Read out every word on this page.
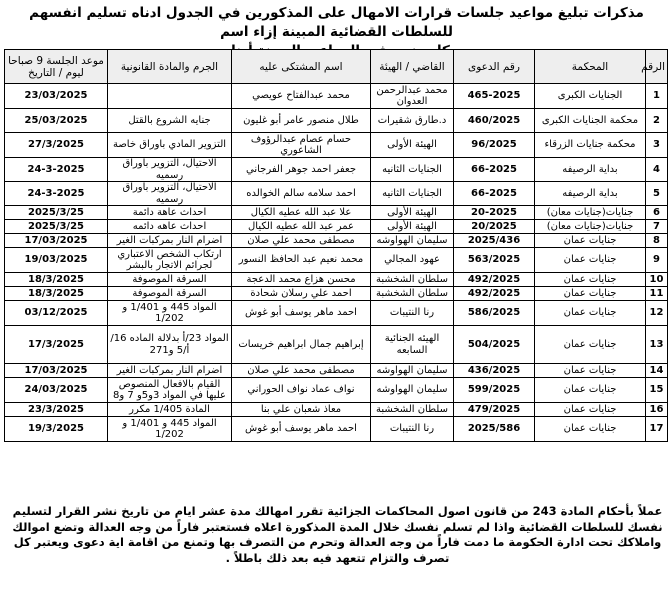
مذكرات تبليغ مواعيد جلسات قرارات الامهال على المذكورين في الجدول ادناه تسليم انفسهم للسلطات القضائية المبينة إزاء اسم
الرقم	المحكمة	رقم الدعوى	القاضي / الهيئة	اسم المشتكى عليه	الجرم والمادة القانونية	موعد الجلسة 9 صباحا
ليوم / التاريخ

1	الجنايات الكبرى	465-2025	محمد عبدالرحمن العدوان	محمد عبدالفتاح عويصي		23/03/2025
2	محكمة الجنايات الكبرى	460/2025	د.طارق شقيرات	طلال منصور عامر أبو غليون	جنايه الشروع بالقتل	25/03/2025
3	محكمة جنايات الزرقاء	96/2025	الهيئة الأولى	حسام عصام عبدالرؤوف الشاعوري	التزوير المادي باوراق خاصة	27/3/2025
4	بداية الرصيفه	66-2025	الجنايات الثانيه	جعفر احمد جوهر الفرجاني	الاحتيال، التزوير باوراق رسميه	24-3-2025
5	بداية الرصيفه	66-2025	الجنايات الثانيه	احمد سلامه سالم الخوالده	الاحتيال، التزوير باوراق رسميه	24-3-2025
6	جنايات(جنايات معان)	20-2025	الهيئة الأولى	علا عبد الله عطيه الكيال	احداث عاهة دائمة	2025/3/25
7	جنايات(جنايات معان)	20/2025	الهيئة الأولى	عمر عبد الله عطيه الكيال	احداث عاهه دائمه	2025/3/25
8	جنايات عمان	2025/436	سليمان الهواوشه	مصطفى محمد علي صلان	اضرام النار بمركبات الغير	17/03/2025
9	جنايات عمان	563/2025	عهود المجالي	محمد نعيم عبد الحافظ النسور	ارتكاب الشخص الاعتباري لجرائم الاتجار بالبشر	19/03/2025
10	جنايات عمان	492/2025	سلطان الشخشبة	محسن هزاع محمد الدعجة	السرقة الموصوفة	18/3/2025
11	جنايات عمان	492/2025	سلطان الشخشبة	احمد علي رسلان شحادة	السرقة الموصوفة	18/3/2025
12	جنايات عمان	586/2025	رنا النتيبات	احمد ماهر يوسف أبو غوش	المواد 445 و 1/401 و 1/202	03/12/2025
13	جنايات عمان	504/2025	الهيئه الجنائية السابعه	إبراهيم جمال ابراهيم خريسات	المواد 23/أ بدلالة الماده 16/أ/5 و271	17/3/2025
14	جنايات عمان	436/2025	سليمان الهواوشه	مصطفى محمد علي صلان	اضرام النار بمركبات الغير	17/03/2025
15	جنايات عمان	599/2025	سليمان الهواوشه	نواف عماد نواف الحوراني	القيام بالافعال المنصوص عليها في المواد 3و5و 7 و8	24/03/2025
16	جنايات عمان	479/2025	سلطان الشخشبة	معاذ شعبان علي بنا	المادة 1/405 مكرر	23/3/2025
17	جنايات عمان	2025/586	رنا النتيبات	احمد ماهر يوسف أبو غوش	المواد 445 و 1/401 و 1/202	19/3/2025
عملاً بأحكام المادة 243 من قانون اصول المحاكمات الجزائية تقرر امهالك مدة عشر ايام من تاريخ نشر القرار لتسليم نفسك للسلطات القضائية واذا لم تسلم نفسك خلال المدة المذكورة اعلاه فستعتبر فاراً من وجه العدالة وتضع اموالك واملاكك تحت ادارة الحكومة ما دمت فاراً من وجه العدالة وتحرم من التصرف بها وتمنع من اقامة اية دعوى ويعتبر كل تصرف والتزام تتعهد فيه بعد ذلك باطلاً .
